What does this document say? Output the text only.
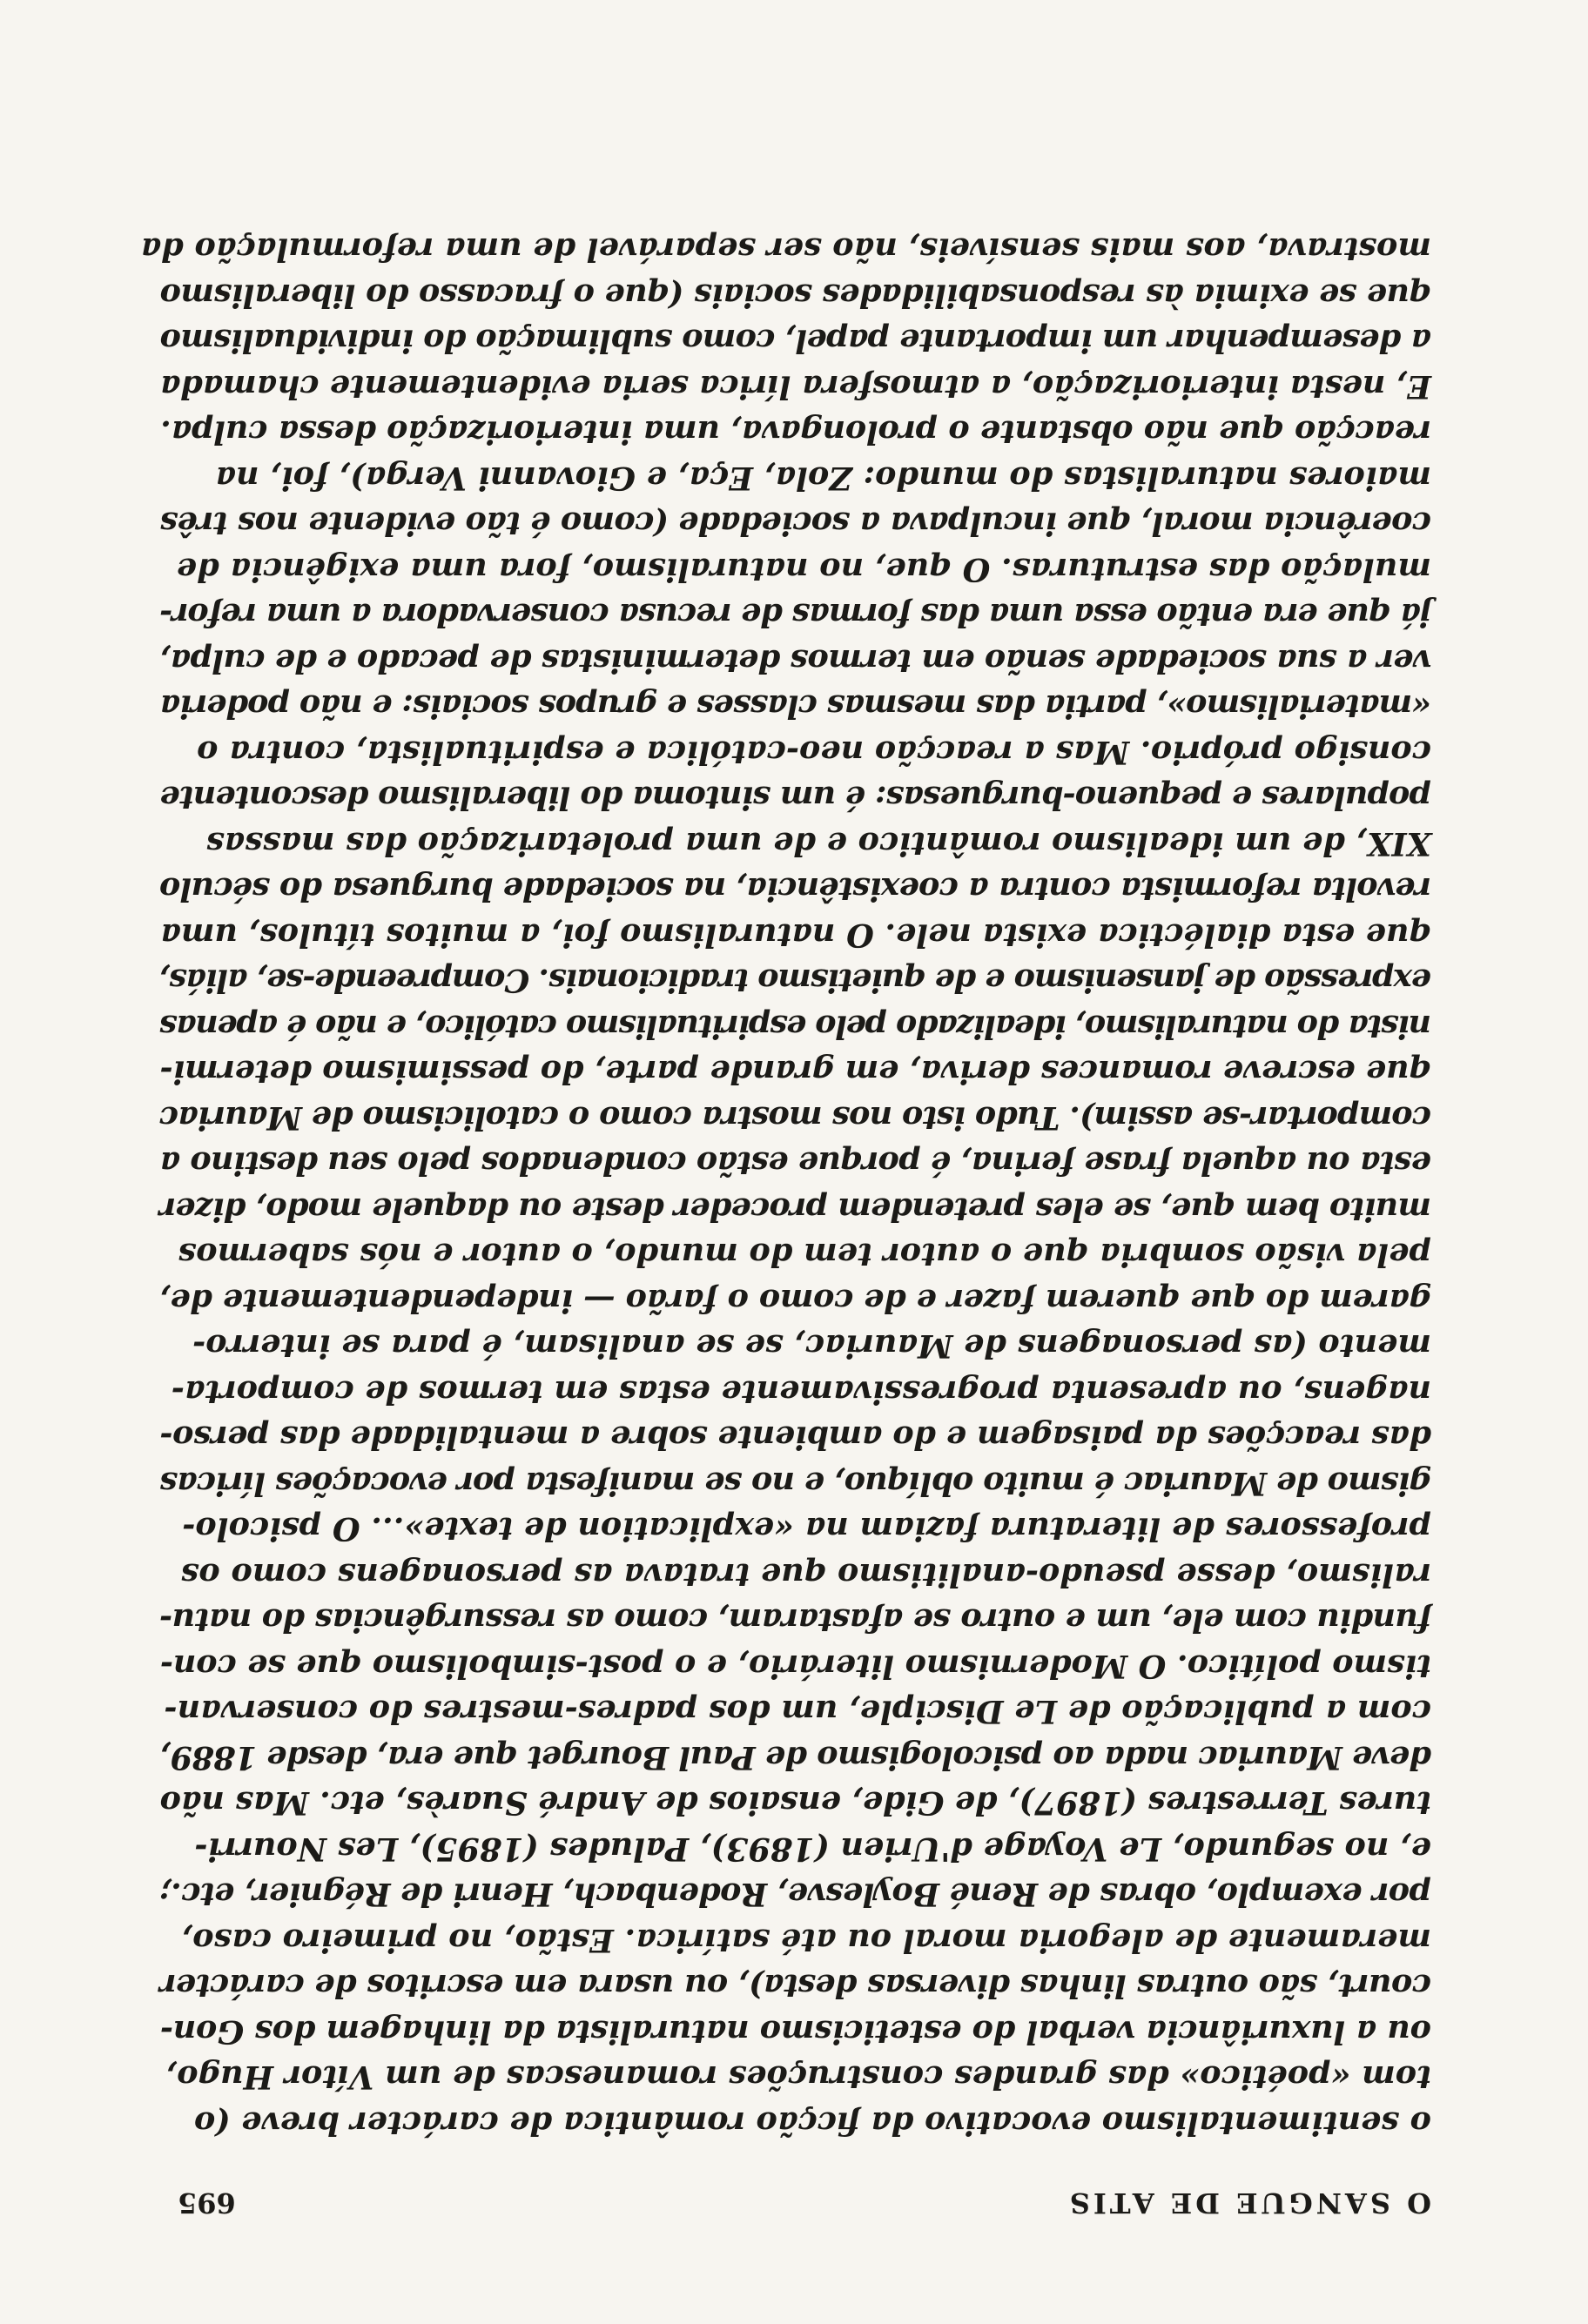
O SANGUE DE ATIS
695
o sentimentalismo evocativo da ficção romântica de carácter breve (o
tom «poético» das grandes construções romanescas de um Vítor Hugo,
ou a luxuriância verbal do esteticismo naturalista da linhagem dos Gon-
court, são outras linhas diversas desta), ou usara em escritos de carácter
meramente de alegoria moral ou até satírica. Estão, no primeiro caso,
por exemplo, obras de René Boylesve, Rodenbach, Henri de Régnier, etc.;
e, no segundo, Le Voyage d'Urien (1893), Paludes (1895), Les Nourri-
tures Terrestres (1897), de Gide, ensaios de André Suarès, etc. Mas não
deve Mauriac nada ao psicologismo de Paul Bourget que era, desde 1889,
com a publicação de Le Disciple, um dos padres-mestres do conservan-
tismo político. O Modernismo literário, e o post-simbolismo que se con-
fundiu com ele, um e outro se afastaram, como as ressurgências do natu-
ralismo, desse pseudo-analitismo que tratava as personagens como os
professores de literatura faziam na «explication de texte»... O psicolo-
gismo de Mauriac é muito oblíquo, e no se manifesta por evocações líricas
das reacções da paisagem e do ambiente sobre a mentalidade das perso-
nagens, ou apresenta progressivamente estas em termos de comporta-
mento (as personagens de Mauriac, se se analisam, é para se interro-
garem do que querem fazer e de como o farão — independentemente de,
pela visão sombria que o autor tem do mundo, o autor e nós sabermos
muito bem que, se eles pretendem proceder deste ou daquele modo, dizer
esta ou aquela frase ferina, é porque estão condenados pelo seu destino a
comportar-se assim). Tudo isto nos mostra como o catolicismo de Mauriac
que escreve romances deriva, em grande parte, do pessimismo determi-
nista do naturalismo, idealizado pelo espiritualismo católico, e não é apenas
expressão de jansenismo e de quietismo tradicionais. Compreende-se, aliás,
que esta dialéctica exista nele. O naturalismo foi, a muitos títulos, uma
revolta reformista contra a coexistência, na sociedade burguesa do século
XIX, de um idealismo romântico e de uma proletarização das massas
populares e pequeno-burguesas: é um sintoma do liberalismo descontente
consigo próprio. Mas a reacção neo-católica e espiritualista, contra o
«materialismo», partia das mesmas classes e grupos sociais: e não poderia
ver a sua sociedade senão em termos deterministas de pecado e de culpa,
já que era então essa uma das formas de recusa conservadora a uma refor-
mulação das estruturas. O que, no naturalismo, fora uma exigência de
coerência moral, que inculpava a sociedade (como é tão evidente nos três
maiores naturalistas do mundo: Zola, Eça, e Giovanni Verga), foi, na
reacção que não obstante o prolongava, uma interiorização dessa culpa.
E, nesta interiorização, a atmosfera lírica seria evidentemente chamada
a desempenhar um importante papel, como sublimação do individualismo
que se eximia às responsabilidades sociais (que o fracasso do liberalismo
mostrava, aos mais sensíveis, não ser separável de uma reformulação da
